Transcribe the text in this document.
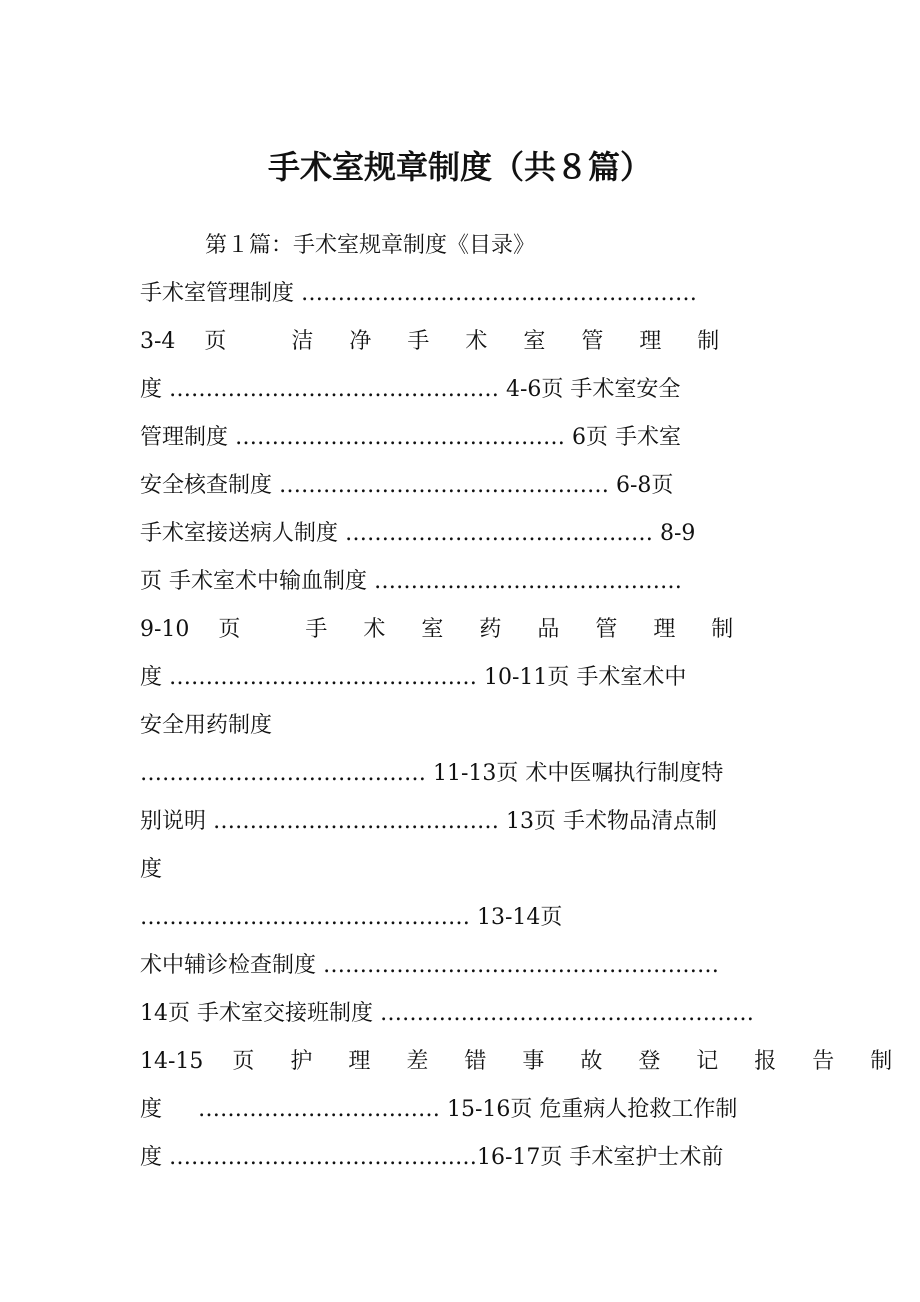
手术室规章制度（共８篇）

第１篇：手术室规章制度《目录》

手术室管理制度 ………………………………………………
3-4　 页 　 　 洁 　 净 　 手 　 术 　 室 　 管 　 理 　 制
度 ……………………………………… 4-6页 手术室安全
管理制度 ……………………………………… 6页 手术室
安全核查制度 ……………………………………… 6-8页
手术室接送病人制度 …………………………………… 8-9
页 手术室术中输血制度 ……………………………………
9-10　 页 　 　 手 　 术 　 室 　 药 　 品 　 管 　 理 　 制
度 …………………………………… 10-11页 手术室术中
安全用药制度
………………………………… 11-13页 术中医嘱执行制度特
别说明 ………………………………… 13页 手术物品清点制
度
……………………………………… 13-14页
术中辅诊检查制度 ………………………………………………
14页 手术室交接班制度 ……………………………………………
14-15　 页 　 护 　 理 　 差 　 错 　 事 　 故 　 登 　 记 　 报 　 告 　 制
度 　 …………………………… 15-16页 危重病人抢救工作制
度 ……………………………………16-17页 手术室护士术前
